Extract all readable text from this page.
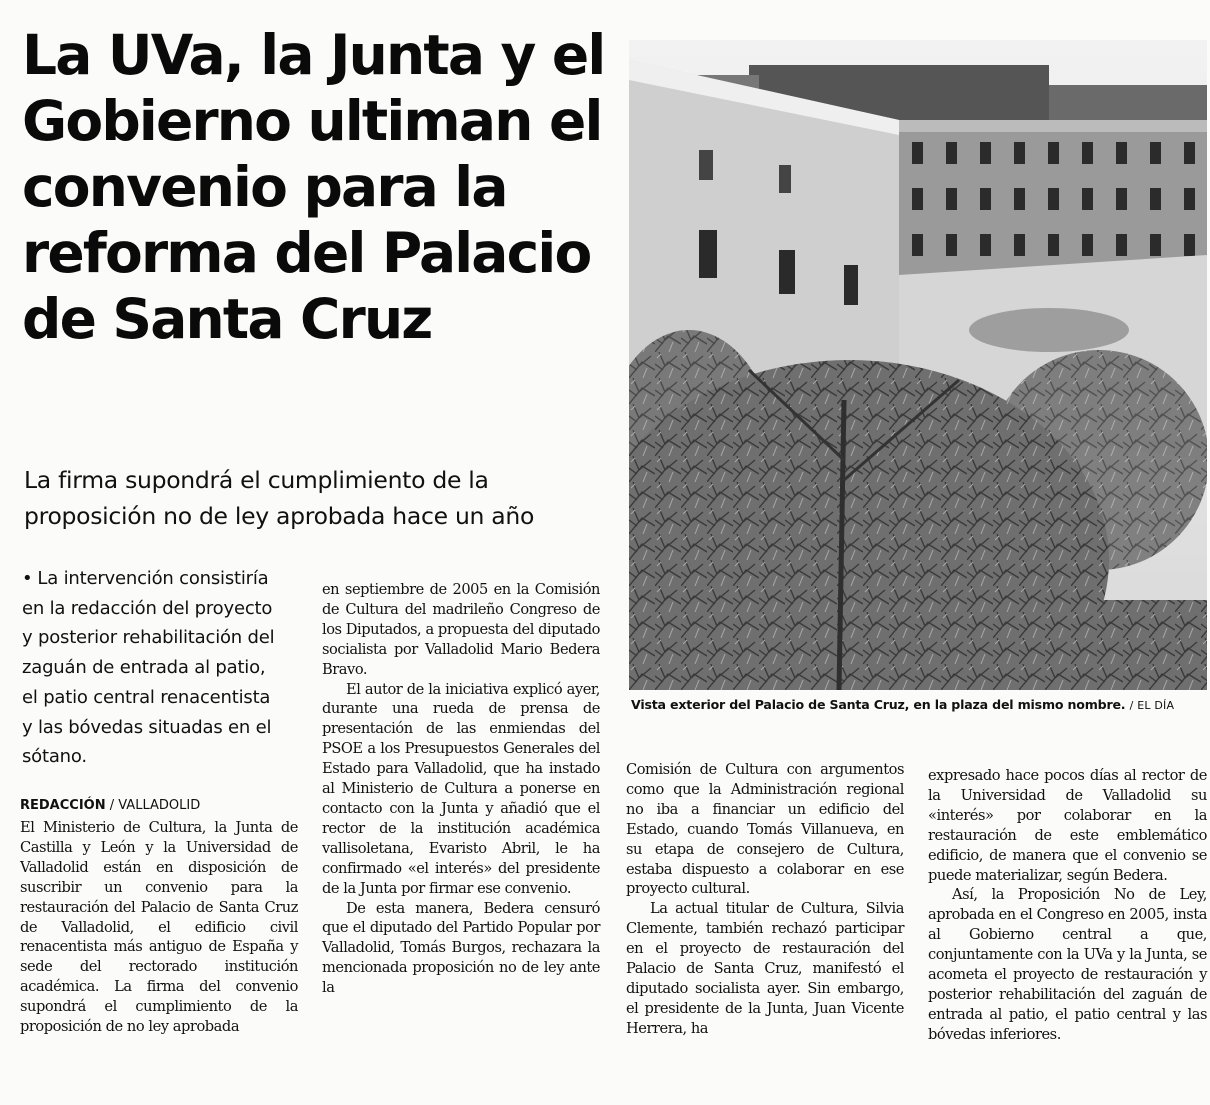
La UVa, la Junta y el Gobierno ultiman el convenio para la reforma del Palacio de Santa Cruz
La firma supondrá el cumplimiento de la proposición no de ley aprobada hace un año

• La intervención consistiría en la redacción del proyecto y posterior rehabilitación del zaguán de entrada al patio, el patio central renacentista y las bóvedas situadas en el sótano.

REDACCIÓN / VALLADOLID

El Ministerio de Cultura, la Junta de Castilla y León y la Universidad de Valladolid están en disposición de suscribir un convenio para la restauración del Palacio de Santa Cruz de Valladolid, el edificio civil renacentista más antiguo de España y sede del rectorado institución académica. La firma del convenio supondrá el cumplimiento de la proposición de no ley aprobada

en septiembre de 2005 en la Comisión de Cultura del madrileño Congreso de los Diputados, a propuesta del diputado socialista por Valladolid Mario Bedera Bravo.

El autor de la iniciativa explicó ayer, durante una rueda de prensa de presentación de las enmiendas del PSOE a los Presupuestos Generales del Estado para Valladolid, que ha instado al Ministerio de Cultura a ponerse en contacto con la Junta y añadió que el rector de la institución académica vallisoletana, Evaristo Abril, le ha confirmado «el interés» del presidente de la Junta por firmar ese convenio.

De esta manera, Bedera censuró que el diputado del Partido Popular por Valladolid, Tomás Burgos, rechazara la mencionada proposición no de ley ante la

Comisión de Cultura con argumentos como que la Administración regional no iba a financiar un edificio del Estado, cuando Tomás Villanueva, en su etapa de consejero de Cultura, estaba dispuesto a colaborar en ese proyecto cultural.

La actual titular de Cultura, Silvia Clemente, también rechazó participar en el proyecto de restauración del Palacio de Santa Cruz, manifestó el diputado socialista ayer. Sin embargo, el presidente de la Junta, Juan Vicente Herrera, ha

expresado hace pocos días al rector de la Universidad de Valladolid su «interés» por colaborar en la restauración de este emblemático edificio, de manera que el convenio se puede materializar, según Bedera.

Así, la Proposición No de Ley, aprobada en el Congreso en 2005, insta al Gobierno central a que, conjuntamente con la UVa y la Junta, se acometa el proyecto de restauración y posterior rehabilitación del zaguán de entrada al patio, el patio central y las bóvedas inferiores.

Vista exterior del Palacio de Santa Cruz, en la plaza del mismo nombre. / EL DÍA
